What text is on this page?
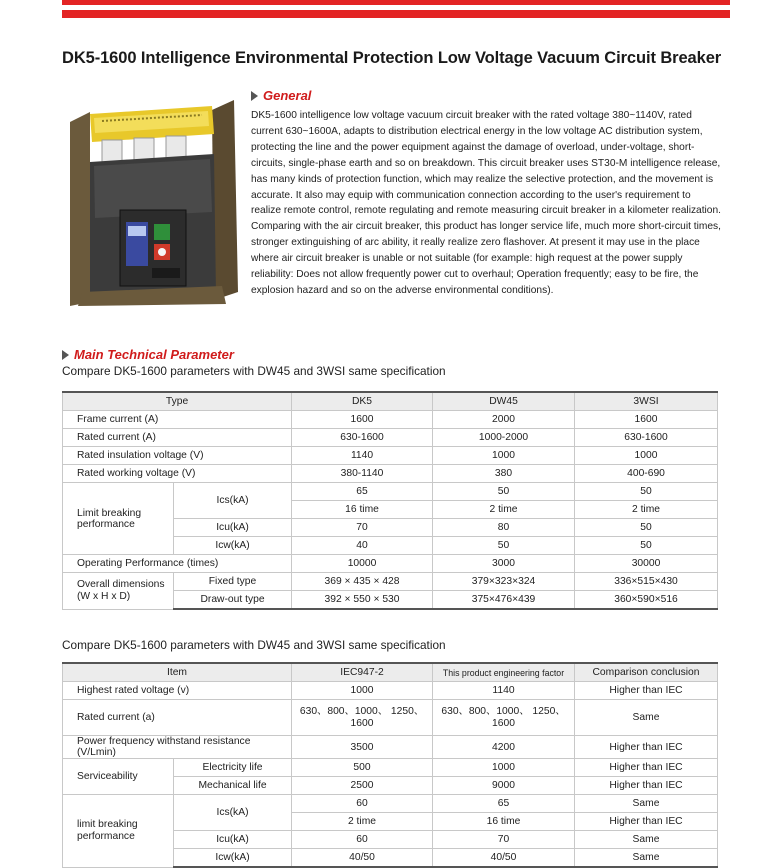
DK5-1600 Intelligence Environmental Protection Low Voltage Vacuum Circuit Breaker
General

DK5-1600 intelligence low voltage vacuum circuit breaker with the rated voltage 380~1140V, rated current 630~1600A, adapts to distribution electrical energy in the low voltage AC distribution system, protecting the line and the power equipment against the damage of overload, under-voltage, short-circuits, single-phase earth and so on breakdown. This circuit breaker uses ST30-M intelligence release, has many kinds of protection function, which may realize the selective protection, and the movement is accurate. It also may equip with communication connection according to the user's requirement to realize remote control, remote regulating and remote measuring circuit breaker in a kilometer realization.

Comparing with the air circuit breaker, this product has longer service life, much more short-circuit times, stronger extinguishing of arc ability, it really realize zero flashover. At present it may use in the place where air circuit breaker is unable or not suitable (for example: high request at the power supply reliability: Does not allow frequently power cut to overhaul; Operation frequently; easy to be fire, the explosion hazard and so on the adverse environmental conditions).

Main Technical Parameter
Compare DK5-1600 parameters with DW45 and 3WSI same specification
Type		DK5	DW45	3WSI
Frame current (A)		1600	2000	1600
Rated current (A)		630-1600	1000-2000	630-1600
Rated insulation voltage (V)		1140	1000	1000
Rated working voltage (V)		380-1140	380	400-690
Limit breaking performance	Ics(kA)	65	50	50
		16 time	2 time	2 time
	Icu(kA)	70	80	50
	Icw(kA)	40	50	50
Operating Performance (times)		10000	3000	30000
Overall dimensions (W x H x D)	Fixed type	369 × 435 × 428	379×323×324	336×515×430
	Draw-out type	392 × 550 × 530	375×476×439	360×590×516
Compare DK5-1600 parameters with DW45 and 3WSI same specification
Item		IEC947-2	This product engineering factor	Comparison conclusion
Highest rated voltage (v)		1000	1140	Higher than IEC
Rated current (a)		630、800、1000、 1250、1600	630、800、1000、 1250、1600	Same
Power frequency withstand resistance (V/Lmin)		3500	4200	Higher than IEC
Serviceability	Electricity life	500	1000	Higher than IEC
	Mechanical life	2500	9000	Higher than IEC
limit breaking performance	Ics(kA)	60	65	Same
		2 time	16 time	Higher than IEC
	Icu(kA)	60	70	Same
	Icw(kA)	40/50	40/50	Same
